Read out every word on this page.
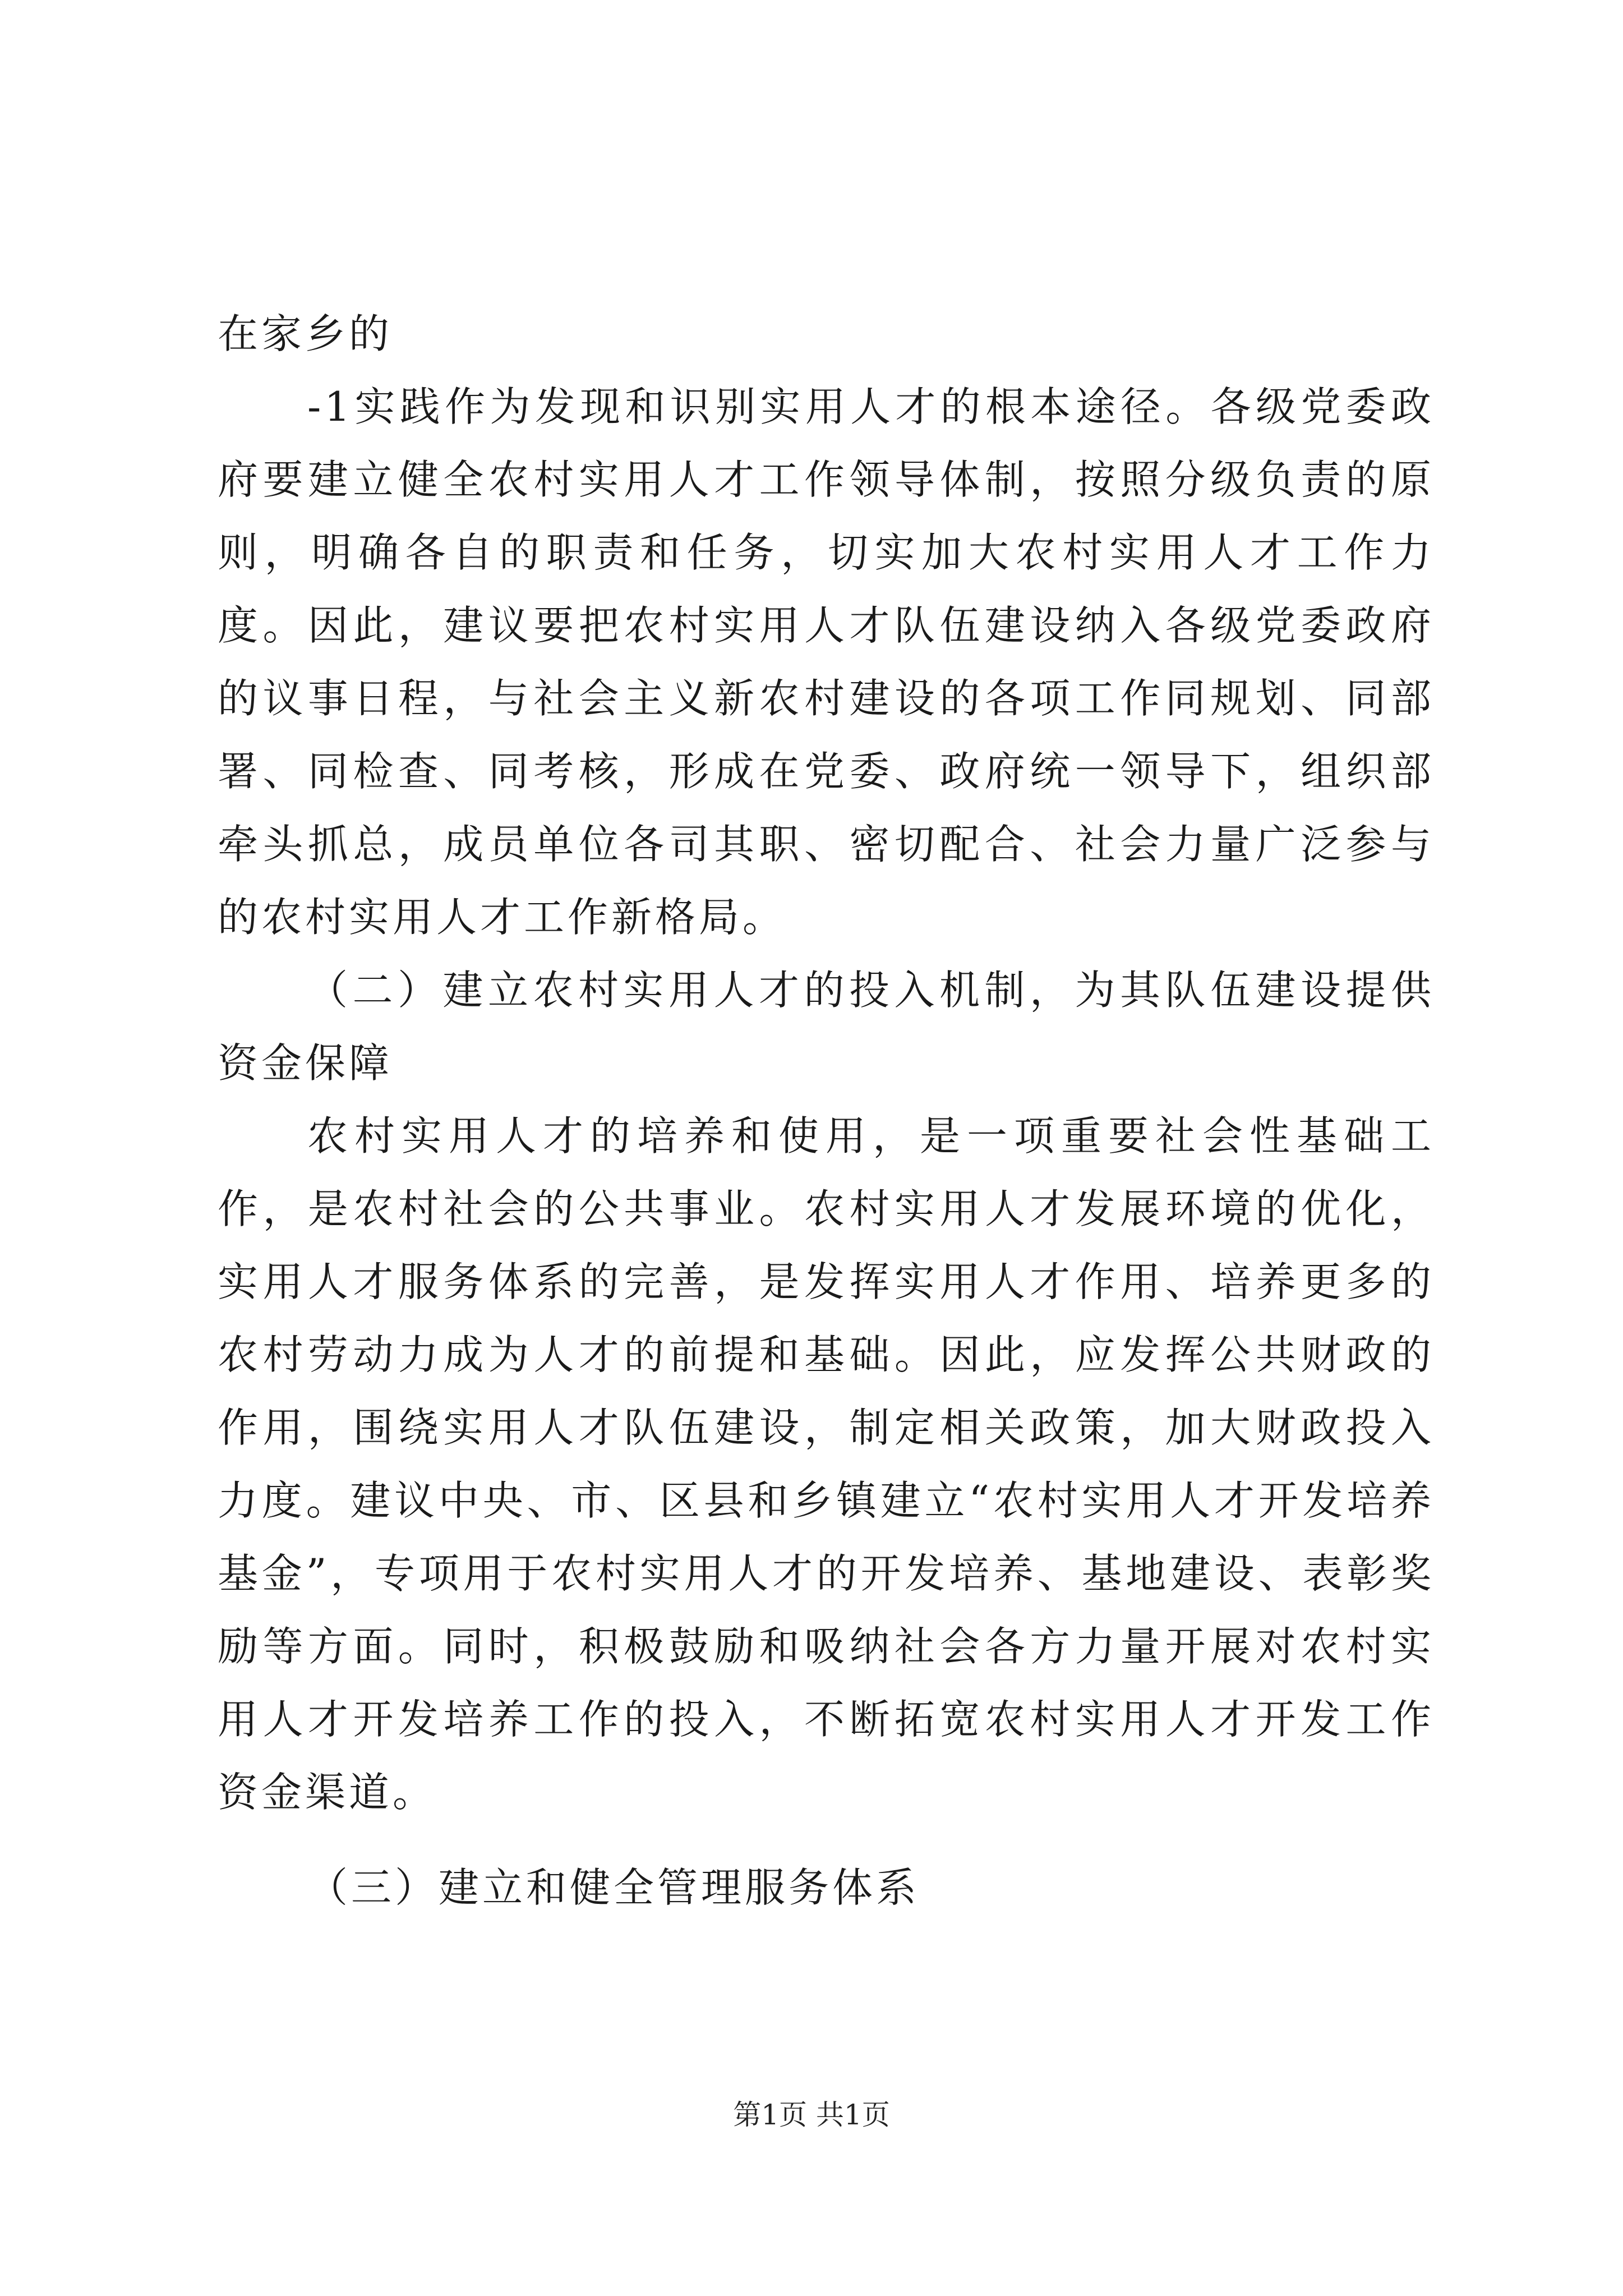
在家乡的

-1实践作为发现和识别实用人才的根本途径。各级党委政府要建立健全农村实用人才工作领导体制，按照分级负责的原则，明确各自的职责和任务，切实加大农村实用人才工作力度。因此，建议要把农村实用人才队伍建设纳入各级党委政府的议事日程，与社会主义新农村建设的各项工作同规划、同部署、同检查、同考核，形成在党委、政府统一领导下，组织部牵头抓总，成员单位各司其职、密切配合、社会力量广泛参与的农村实用人才工作新格局。

（二）建立农村实用人才的投入机制，为其队伍建设提供资金保障

农村实用人才的培养和使用，是一项重要社会性基础工作，是农村社会的公共事业。农村实用人才发展环境的优化，实用人才服务体系的完善，是发挥实用人才作用、培养更多的农村劳动力成为人才的前提和基础。因此，应发挥公共财政的作用，围绕实用人才队伍建设，制定相关政策，加大财政投入力度。建议中央、市、区县和乡镇建立“农村实用人才开发培养基金”，专项用于农村实用人才的开发培养、基地建设、表彰奖励等方面。同时，积极鼓励和吸纳社会各方力量开展对农村实用人才开发培养工作的投入，不断拓宽农村实用人才开发工作资金渠道。

（三）建立和健全管理服务体系

第1页 共1页
